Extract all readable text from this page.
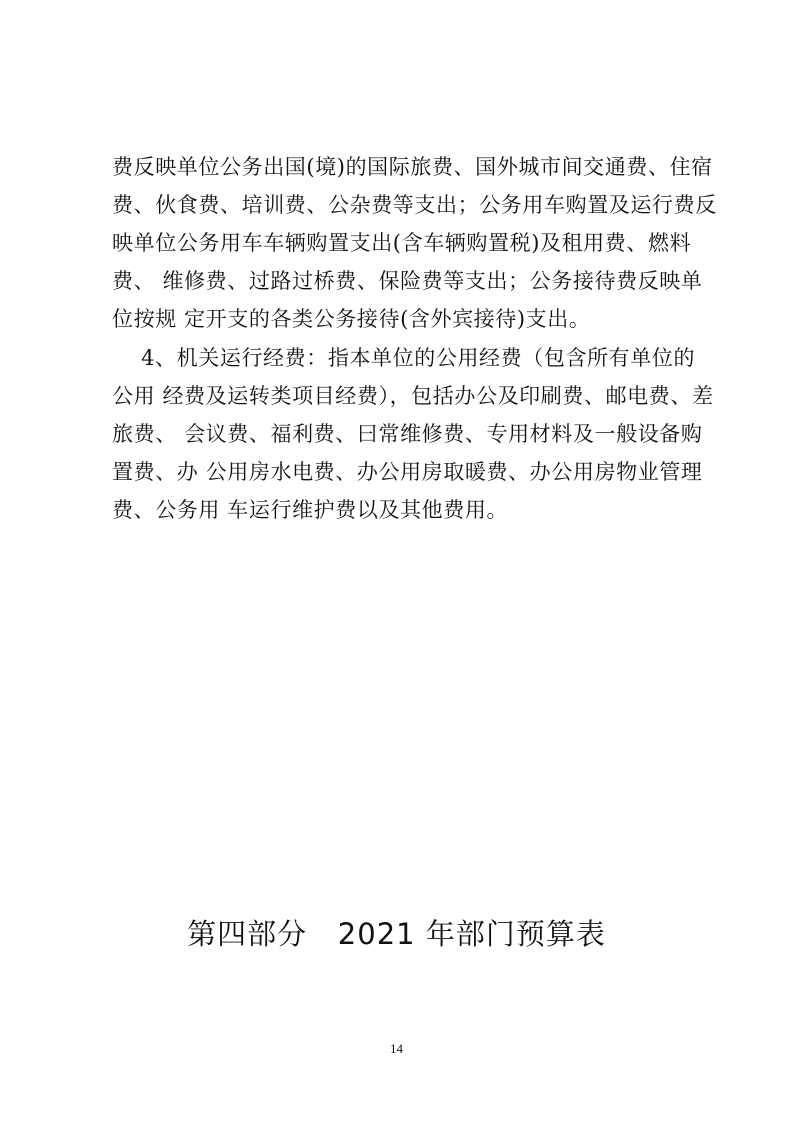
费反映单位公务出国(境)的国际旅费、国外城市间交通费、住宿
费、伙食费、培训费、公杂费等支出；公务用车购置及运行费反
映单位公务用车车辆购置支出(含车辆购置税)及租用费、燃料
费、 维修费、过路过桥费、保险费等支出；公务接待费反映单
位按规 定开支的各类公务接待(含外宾接待)支出。
4、机关运行经费：指本单位的公用经费（包含所有单位的
公用 经费及运转类项目经费），包括办公及印刷费、邮电费、差
旅费、 会议费、福利费、曰常维修费、专用材料及一般设备购
置费、办 公用房水电费、办公用房取暖费、办公用房物业管理
费、公务用 车运行维护费以及其他费用。
第四部分   2021 年部门预算表
14
